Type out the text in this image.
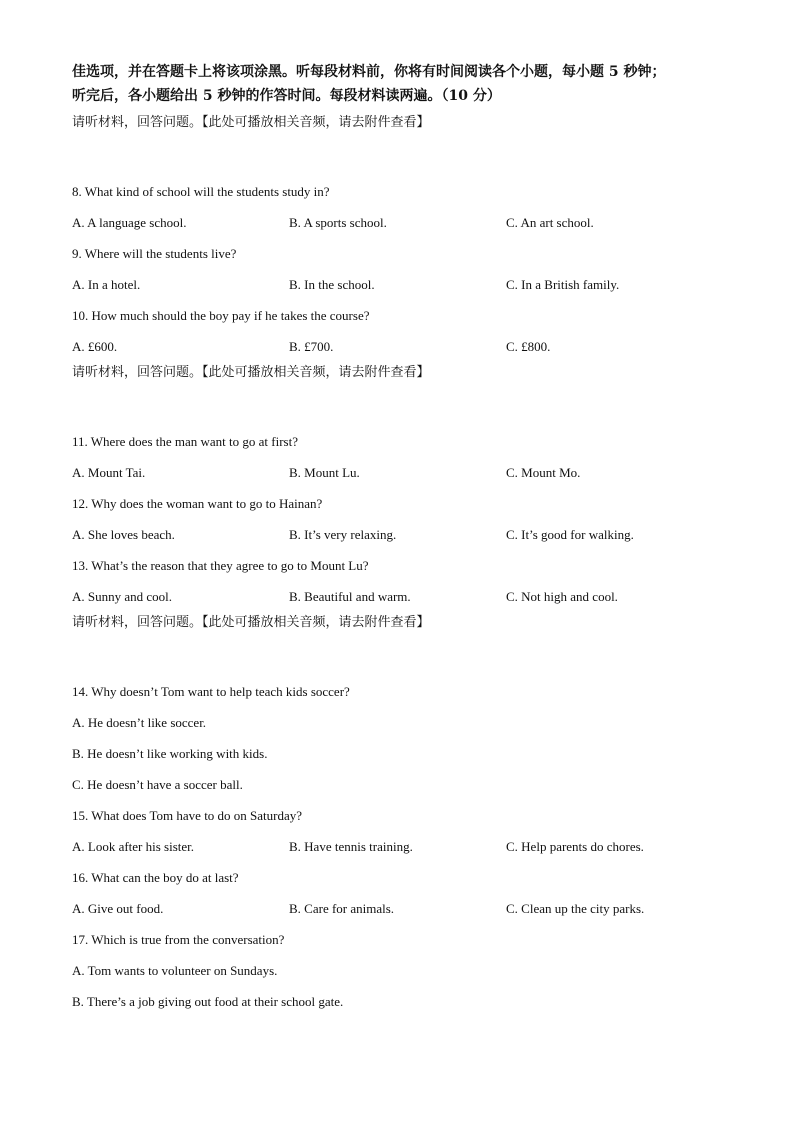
佳选项，并在答题卡上将该项涂黑。听每段材料前，你将有时间阅读各个小题，每小题 5 秒钟；

听完后，各小题给出 5 秒钟的作答时间。每段材料读两遍。（10 分）

请听材料，回答问题。【此处可播放相关音频，请去附件查看】

8. What kind of school will the students study in?
A. A language school.	B. A sports school.	C. An art school.
9. Where will the students live?
A. In a hotel.	B. In the school.	C. In a British family.
10. How much should the boy pay if he takes the course?
A. £600.	B. £700.	C. £800.

请听材料，回答问题。【此处可播放相关音频，请去附件查看】

11. Where does the man want to go at first?
A. Mount Tai.	B. Mount Lu.	C. Mount Mo.
12. Why does the woman want to go to Hainan?
A. She loves beach.	B. It’s very relaxing.	C. It’s good for walking.
13. What’s the reason that they agree to go to Mount Lu?
A. Sunny and cool.	B. Beautiful and warm.	C. Not high and cool.

请听材料，回答问题。【此处可播放相关音频，请去附件查看】

14. Why doesn’t Tom want to help teach kids soccer?
A. He doesn’t like soccer.
B. He doesn’t like working with kids.
C. He doesn’t have a soccer ball.
15. What does Tom have to do on Saturday?
A. Look after his sister.	B. Have tennis training.	C. Help parents do chores.
16. What can the boy do at last?
A. Give out food.	B. Care for animals.	C. Clean up the city parks.
17. Which is true from the conversation?
A. Tom wants to volunteer on Sundays.
B. There’s a job giving out food at their school gate.
